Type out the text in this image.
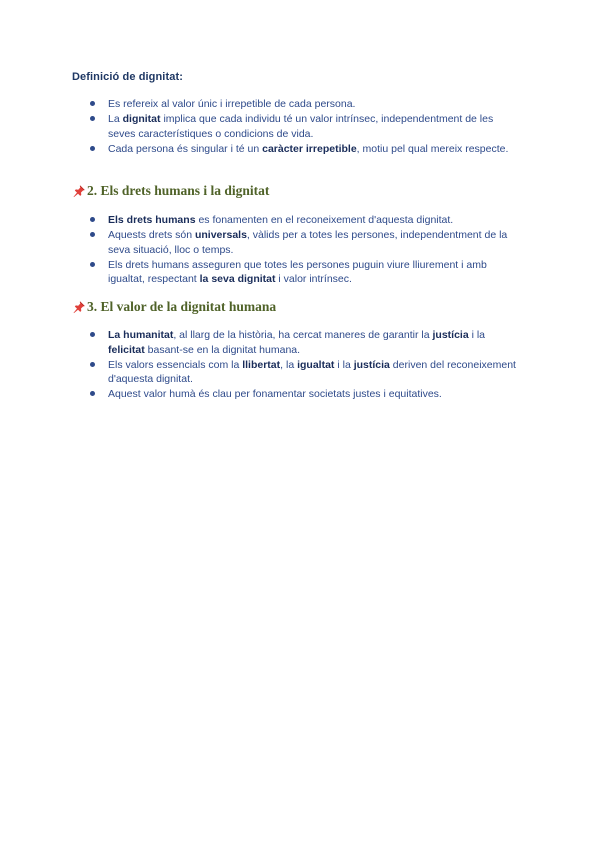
Definició de dignitat:

Es refereix al valor únic i irrepetible de cada persona.
La dignitat implica que cada individu té un valor intrínsec, independentment de les seves característiques o condicions de vida.
Cada persona és singular i té un caràcter irrepetible, motiu pel qual mereix respecte.
2. Els drets humans i la dignitat
Els drets humans es fonamenten en el reconeixement d'aquesta dignitat.
Aquests drets són universals, vàlids per a totes les persones, independentment de la seva situació, lloc o temps.
Els drets humans asseguren que totes les persones puguin viure lliurement i amb igualtat, respectant la seva dignitat i valor intrínsec.
3. El valor de la dignitat humana
La humanitat, al llarg de la història, ha cercat maneres de garantir la justícia i la felicitat basant-se en la dignitat humana.
Els valors essencials com la llibertat, la igualtat i la justícia deriven del reconeixement d'aquesta dignitat.
Aquest valor humà és clau per fonamentar societats justes i equitatives.
